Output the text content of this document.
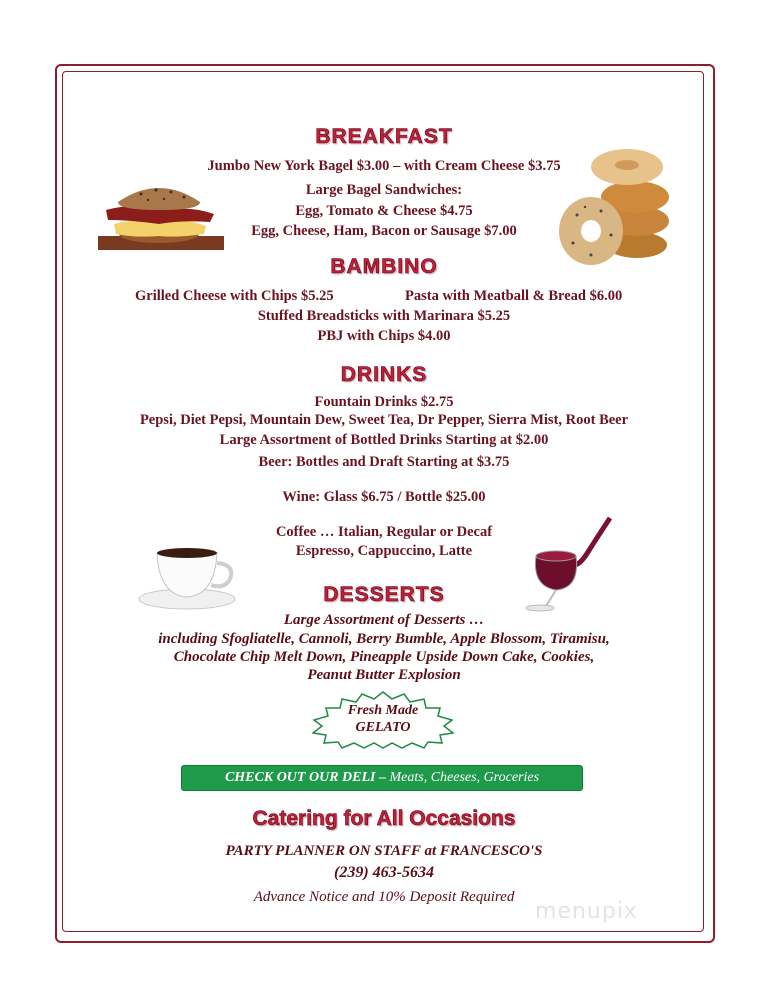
BREAKFAST
Jumbo New York Bagel $3.00 – with Cream Cheese $3.75
Large Bagel Sandwiches:
Egg, Tomato & Cheese $4.75
Egg, Cheese, Ham, Bacon or Sausage $7.00
BAMBINO
Grilled Cheese with Chips $5.25	Pasta with Meatball & Bread $6.00
Stuffed Breadsticks with Marinara $5.25
PBJ with Chips $4.00
DRINKS
Fountain Drinks $2.75
Pepsi, Diet Pepsi, Mountain Dew, Sweet Tea, Dr Pepper, Sierra Mist, Root Beer
Large Assortment of Bottled Drinks Starting at $2.00
Beer: Bottles and Draft Starting at $3.75
Wine: Glass $6.75 / Bottle $25.00
Coffee … Italian, Regular or Decaf
Espresso, Cappuccino, Latte
DESSERTS
Large Assortment of Desserts …
including Sfogliatelle, Cannoli, Berry Bumble, Apple Blossom, Tiramisu,
Chocolate Chip Melt Down, Pineapple Upside Down Cake, Cookies,
Peanut Butter Explosion
Fresh Made
GELATO
CHECK OUT OUR DELI – Meats, Cheeses, Groceries
Catering for All Occasions
PARTY PLANNER ON STAFF at FRANCESCO'S
(239) 463-5634
Advance Notice and 10% Deposit Required
menupix
